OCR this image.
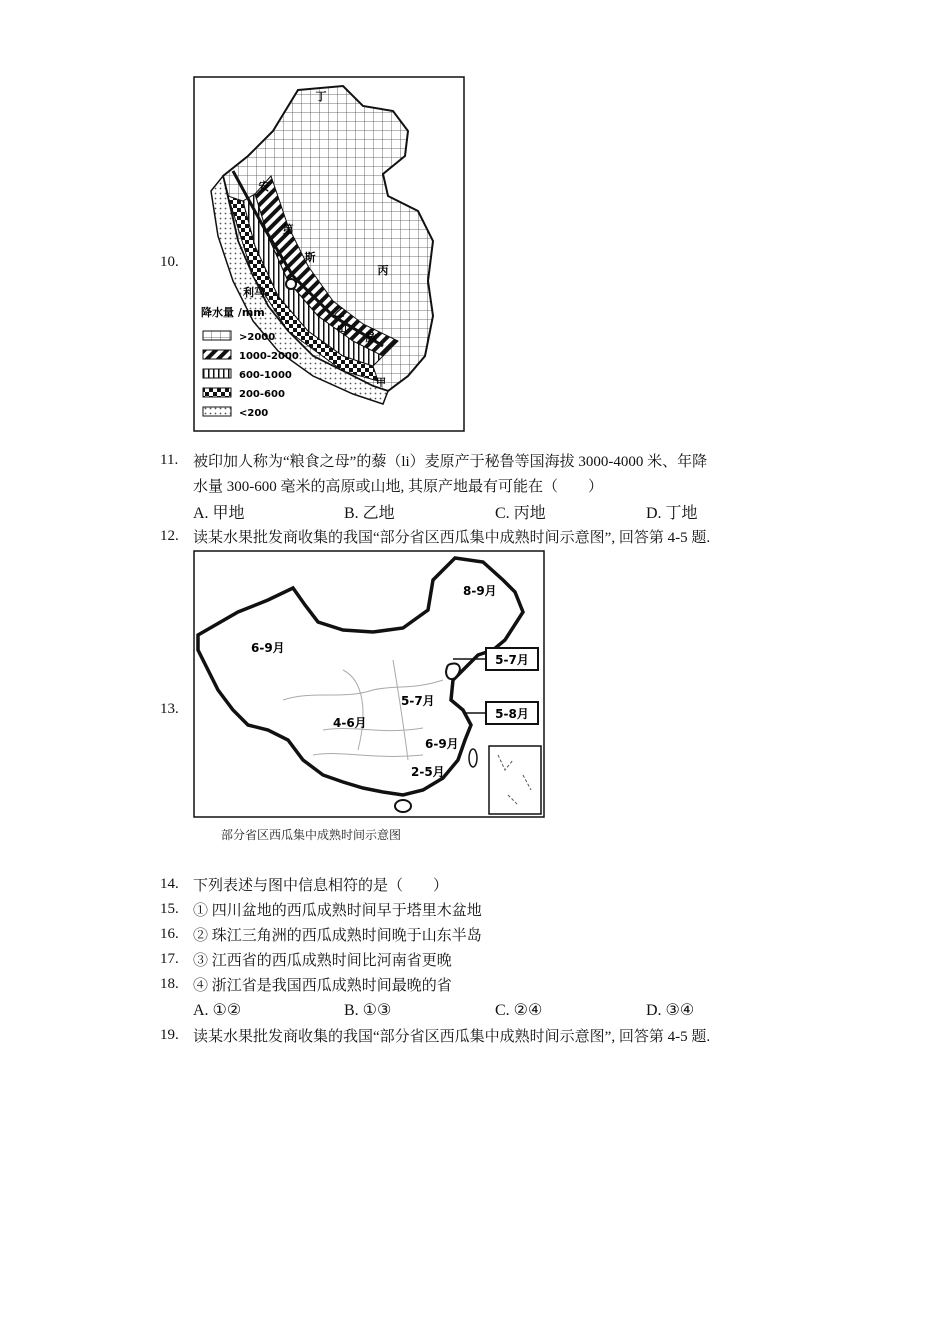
10.
丁
安
第
斯
丙
乙
山
脉
甲
利马
降水量 /mm
>2000
1000-2000
600-1000
200-600
<200
11. 被印加人称为“粮食之母”的藜（li）麦原产于秘鲁等国海拔 3000-4000 米、年降
水量 300-600 毫米的高原或山地, 其原产地最有可能在（　　）
A. 甲地	B. 乙地	C. 丙地	D. 丁地
12. 读某水果批发商收集的我国“部分省区西瓜集中成熟时间示意图”, 回答第 4-5 题.
13.
8-9月
6-9月
5-7月
5-8月
5-7月
4-6月
6-9月
2-5月
部分省区西瓜集中成熟时间示意图
14. 下列表述与图中信息相符的是（　　）
15. ① 四川盆地的西瓜成熟时间早于塔里木盆地
16. ② 珠江三角洲的西瓜成熟时间晚于山东半岛
17. ③ 江西省的西瓜成熟时间比河南省更晚
18. ④ 浙江省是我国西瓜成熟时间最晚的省
A. ①②	B. ①③	C. ②④	D. ③④
19. 读某水果批发商收集的我国“部分省区西瓜集中成熟时间示意图”, 回答第 4-5 题.
